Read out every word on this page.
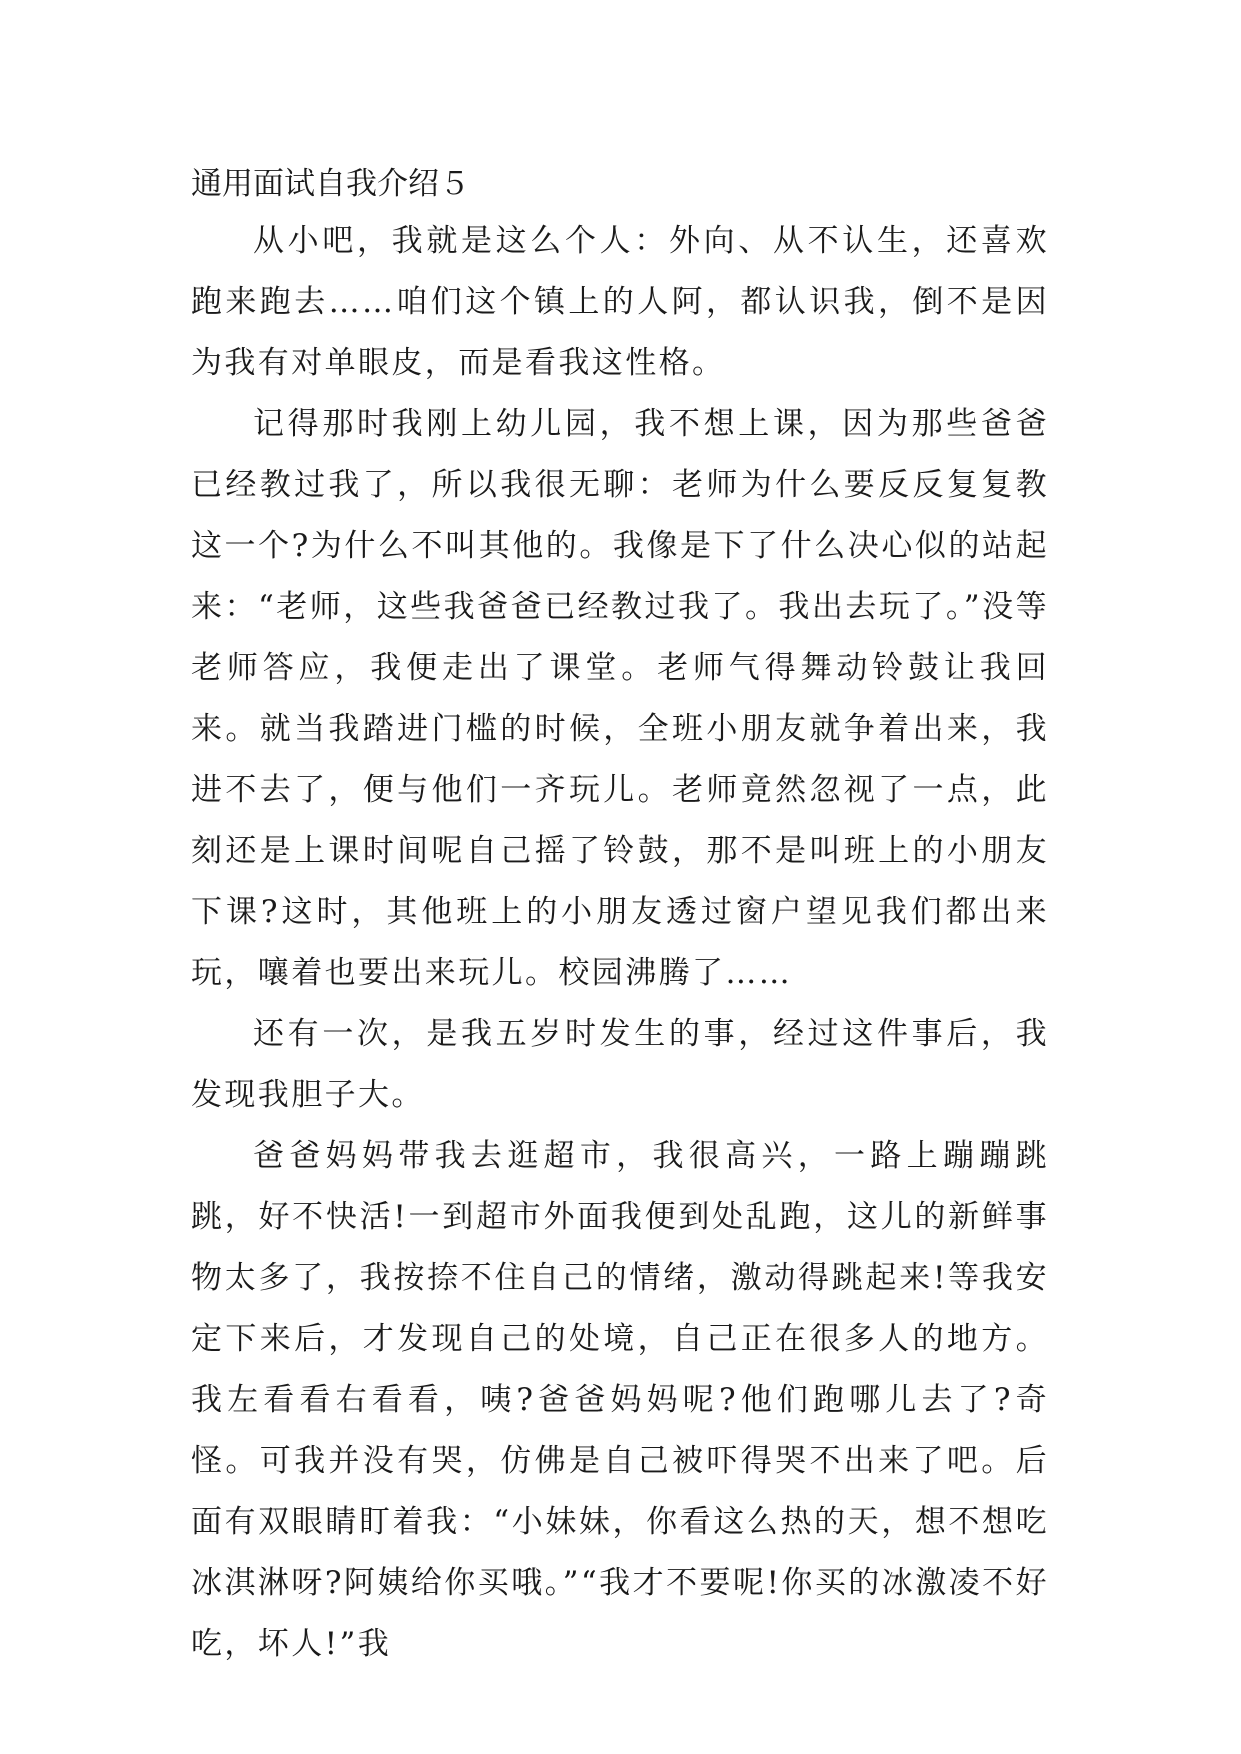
通用面试自我介绍５

从小吧，我就是这么个人：外向、从不认生，还喜欢跑来跑去……咱们这个镇上的人阿，都认识我，倒不是因为我有对单眼皮，而是看我这性格。

记得那时我刚上幼儿园，我不想上课，因为那些爸爸已经教过我了，所以我很无聊：老师为什么要反反复复教这一个?为什么不叫其他的。我像是下了什么决心似的站起来：“老师，这些我爸爸已经教过我了。我出去玩了。”没等老师答应，我便走出了课堂。老师气得舞动铃鼓让我回来。就当我踏进门槛的时候，全班小朋友就争着出来，我进不去了，便与他们一齐玩儿。老师竟然忽视了一点，此刻还是上课时间呢自己摇了铃鼓，那不是叫班上的小朋友下课?这时，其他班上的小朋友透过窗户望见我们都出来玩，嚷着也要出来玩儿。校园沸腾了……

还有一次，是我五岁时发生的事，经过这件事后，我发现我胆子大。

爸爸妈妈带我去逛超市，我很高兴，一路上蹦蹦跳跳，好不快活!一到超市外面我便到处乱跑，这儿的新鲜事物太多了，我按捺不住自己的情绪，激动得跳起来!等我安定下来后，才发现自己的处境，自己正在很多人的地方。我左看看右看看，咦?爸爸妈妈呢?他们跑哪儿去了?奇怪。可我并没有哭，仿佛是自己被吓得哭不出来了吧。后面有双眼睛盯着我：“小妹妹，你看这么热的天，想不想吃冰淇淋呀?阿姨给你买哦。”“我才不要呢!你买的冰激凌不好吃，坏人!”我
